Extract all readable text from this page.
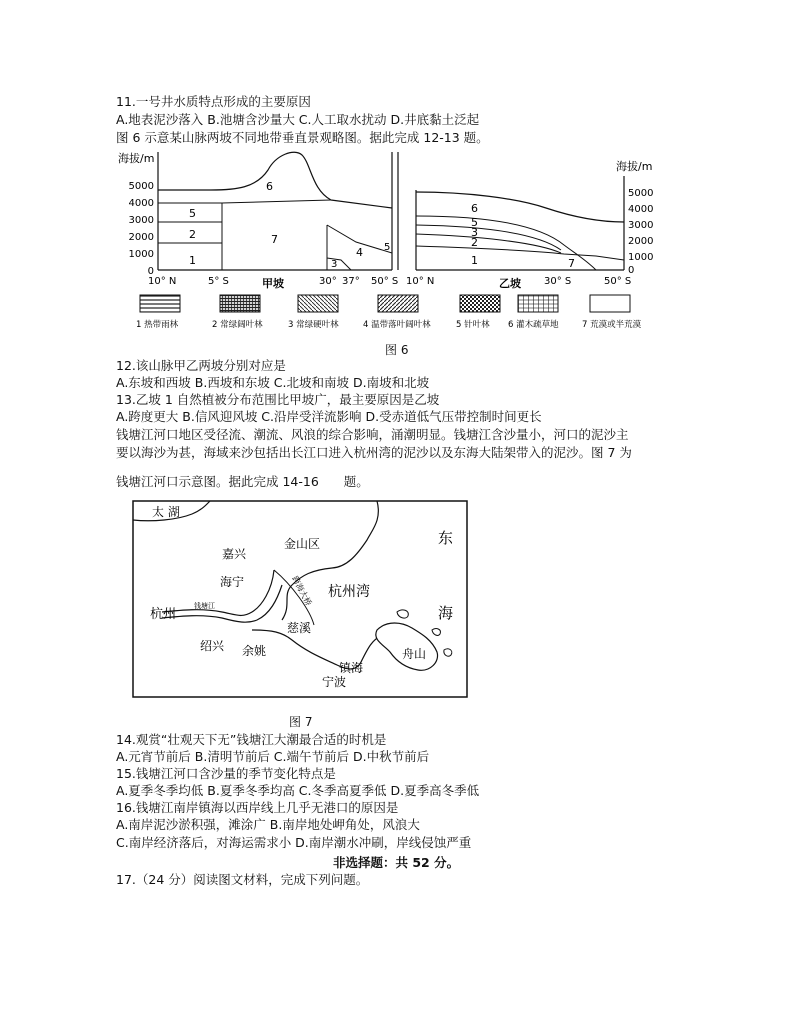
11.一号井水质特点形成的主要原因
A.地表泥沙落入 B.池塘含沙量大 C.人工取水扰动 D.井底黏土泛起
图 6 示意某山脉两坡不同地带垂直景观略图。据此完成 12-13 题。
海拔/m
5000
4000
3000
2000
1000
0
1
2
5
6
7
3
4 5
10° N	5° S	30° 37° 50° S
甲坡
海拔/m
6
5
3
2
1	7
5000
4000
3000
2000
1000
0
10° N	30° S	50° S
乙坡
1 热带雨林	2 常绿阔叶林	3 常绿硬叶林	4 温带落叶阔叶林	5 针叶林 6 灌木疏草地	7 荒漠或半荒漠
图 6
12.该山脉甲乙两坡分别对应是
A.东坡和西坡 B.西坡和东坡 C.北坡和南坡 D.南坡和北坡
13.乙坡 1 自然植被分布范围比甲坡广，最主要原因是乙坡
A.跨度更大 B.信风迎风坡 C.沿岸受洋流影响 D.受赤道低气压带控制时间更长
钱塘江河口地区受径流、潮流、风浪的综合影响，涌潮明显。钱塘江含沙量小，河口的泥沙主
要以海沙为甚，海域来沙包括出长江口进入杭州湾的泥沙以及东海大陆架带入的泥沙。图 7 为
钱塘江河口示意图。据此完成 14-16　　题。
太 湖
金山区
嘉兴
海宁
杭州
钱塘江
杭州湾
东
海
绍兴
慈溪
余姚
镇海
宁波
舟山
跨海大桥
图 7
14.观赏“壮观天下无”钱塘江大潮最合适的时机是
A.元宵节前后 B.清明节前后 C.端午节前后 D.中秋节前后
15.钱塘江河口含沙量的季节变化特点是
A.夏季冬季均低 B.夏季冬季均高 C.冬季高夏季低 D.夏季高冬季低
16.钱塘江南岸镇海以西岸线上几乎无港口的原因是
A.南岸泥沙淤积强，滩涂广 B.南岸地处岬角处，风浪大
C.南岸经济落后，对海运需求小 D.南岸潮水冲刷，岸线侵蚀严重
非选择题：共 52 分。
17.（24 分）阅读图文材料，完成下列问题。
